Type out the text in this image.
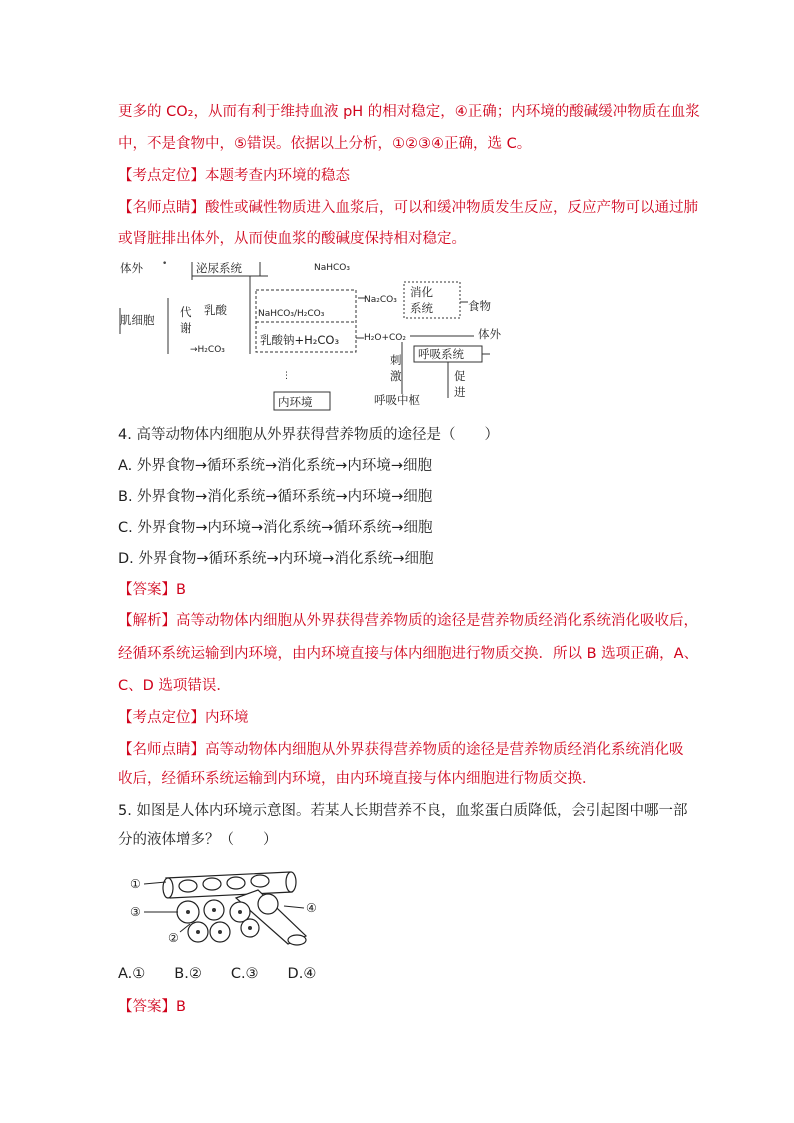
更多的 CO₂，从而有利于维持血液 pH 的相对稳定，④正确；内环境的酸碱缓冲物质在血浆
中，不是食物中，⑤错误。依据以上分析，①②③④正确，选 C。
【考点定位】本题考查内环境的稳态
【名师点睛】酸性或碱性物质进入血浆后，可以和缓冲物质发生反应，反应产物可以通过肺
或肾脏排出体外，从而使血浆的酸碱度保持相对稳定。
体外 • 泌尿系统	NaHCO₃
肌细胞
代
谢
乳酸	NaHCO₃/H₂CO₃
Na₂CO₃
消化
系统	食物
→H₂CO₃
乳酸钠+H₂CO₃	H₂O+CO₂	体外
呼吸系统
刺
激	促
进
⋮
内环境	呼吸中枢
4. 高等动物体内细胞从外界获得营养物质的途径是（　　）
A. 外界食物→循环系统→消化系统→内环境→细胞
B. 外界食物→消化系统→循环系统→内环境→细胞
C. 外界食物→内环境→消化系统→循环系统→细胞
D. 外界食物→循环系统→内环境→消化系统→细胞
【答案】B
【解析】高等动物体内细胞从外界获得营养物质的途径是营养物质经消化系统消化吸收后，
经循环系统运输到内环境，由内环境直接与体内细胞进行物质交换．所以 B 选项正确，A、
C、D 选项错误．
【考点定位】内环境
【名师点睛】高等动物体内细胞从外界获得营养物质的途径是营养物质经消化系统消化吸
收后，经循环系统运输到内环境，由内环境直接与体内细胞进行物质交换．
5. 如图是人体内环境示意图。若某人长期营养不良，血浆蛋白质降低，会引起图中哪一部
分的液体增多？（　　）
①
②
③	④
A.①　　B.②　　C.③　　D.④
【答案】B
